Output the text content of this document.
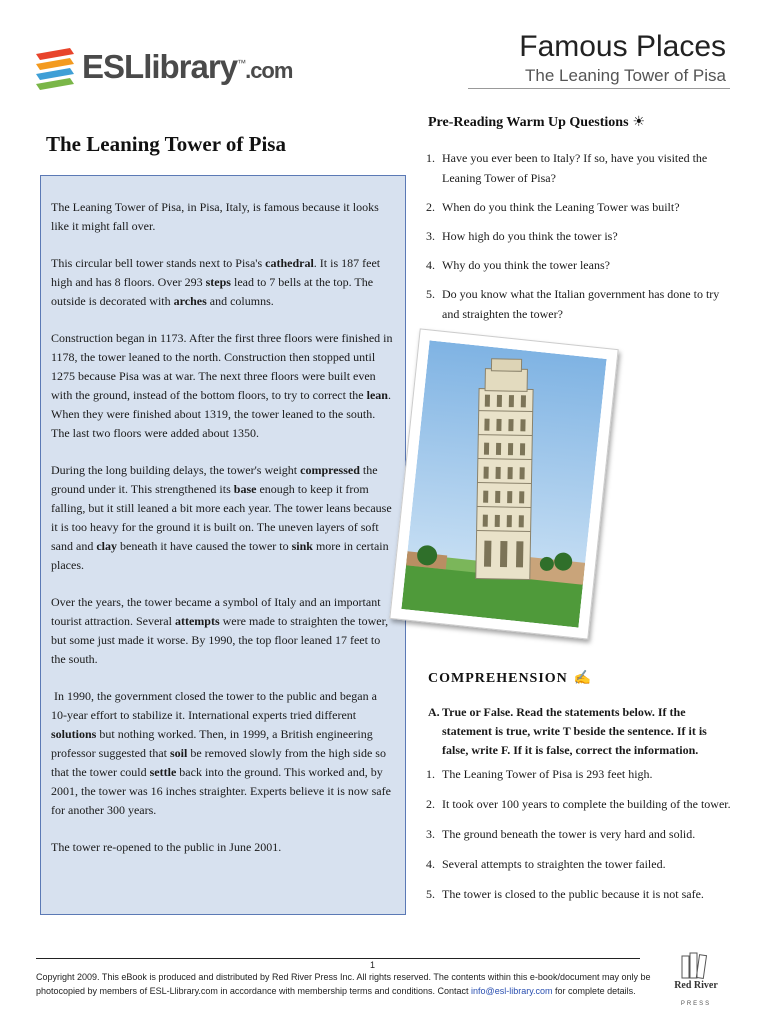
ESLlibrary™.com
Famous Places
The Leaning Tower of Pisa
The Leaning Tower of Pisa

The Leaning Tower of Pisa, in Pisa, Italy, is famous because it looks like it might fall over.

This circular bell tower stands next to Pisa's cathedral. It is 187 feet high and has 8 floors. Over 293 steps lead to 7 bells at the top. The outside is decorated with arches and columns.

Construction began in 1173. After the first three floors were finished in 1178, the tower leaned to the north. Construction then stopped until 1275 because Pisa was at war. The next three floors were built even with the ground, instead of the bottom floors, to try to correct the lean. When they were finished about 1319, the tower leaned to the south. The last two floors were added about 1350.

During the long building delays, the tower's weight compressed the ground under it. This strengthened its base enough to keep it from falling, but it still leaned a bit more each year. The tower leans because it is too heavy for the ground it is built on. The uneven layers of soft sand and clay beneath it have caused the tower to sink more in certain places.

Over the years, the tower became a symbol of Italy and an important tourist attraction. Several attempts were made to straighten the tower, but some just made it worse. By 1990, the top floor leaned 17 feet to the south.

In 1990, the government closed the tower to the public and began a 10-year effort to stabilize it. International experts tried different solutions but nothing worked. Then, in 1999, a British engineering professor suggested that soil be removed slowly from the high side so that the tower could settle back into the ground. This worked and, by 2001, the tower was 16 inches straighter. Experts believe it is now safe for another 300 years.

The tower re-opened to the public in June 2001.

Pre-Reading Warm Up Questions ☀
1. Have you ever been to Italy? If so, have you visited the Leaning Tower of Pisa?
2. When do you think the Leaning Tower was built?
3. How high do you think the tower is?
4. Why do you think the tower leans?
5. Do you know what the Italian government has done to try and straighten the tower?
COMPREHENSION ✍
A. True or False. Read the statements below. If the statement is true, write T beside the sentence. If it is false, write F. If it is false, correct the information.
1. The Leaning Tower of Pisa is 293 feet high.
2. It took over 100 years to complete the building of the tower.
3. The ground beneath the tower is very hard and solid.
4. Several attempts to straighten the tower failed.
5. The tower is closed to the public because it is not safe.
1
Copyright 2009. This eBook is produced and distributed by Red River Press Inc. All rights reserved. The contents within this e-book/document may only be photocopied by members of ESL-Llibrary.com in accordance with membership terms and conditions. Contact info@esl-library.com for complete details.	Red River
PRESS
